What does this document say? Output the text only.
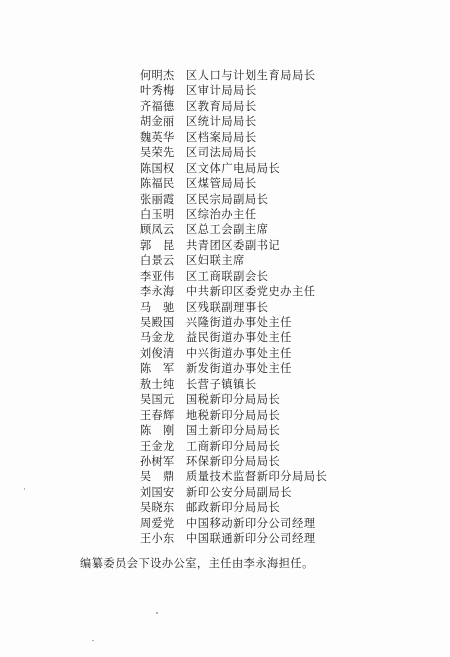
何明杰	区人口与计划生育局局长
叶秀梅	区审计局局长
齐福德	区教育局局长
胡金丽	区统计局局长
魏英华	区档案局局长
吴荣先	区司法局局长
陈国权	区文体广电局局长
陈福民	区煤管局局长
张丽霞	区民宗局副局长
白玉明	区综治办主任
顾凤云	区总工会副主席
郭　昆	共青团区委副书记
白景云	区妇联主席
李亚伟	区工商联副会长
李永海	中共新印区委党史办主任
马　驰	区残联副理事长
吴殿国	兴隆街道办事处主任
马金龙	益民街道办事处主任
刘俊清	中兴街道办事处主任
陈　军	新发街道办事处主任
敖士纯	长营子镇镇长
吴国元	国税新印分局局长
王春辉	地税新印分局局长
陈　刚	国土新印分局局长
王金龙	工商新印分局局长
孙树军	环保新印分局局长
吴　鼎	质量技术监督新印分局局长
刘国安	新印公安分局副局长
吴晓东	邮政新印分局局长
周爱党	中国移动新印分公司经理
王小东	中国联通新印分公司经理
编纂委员会下设办公室，主任由李永海担任。
